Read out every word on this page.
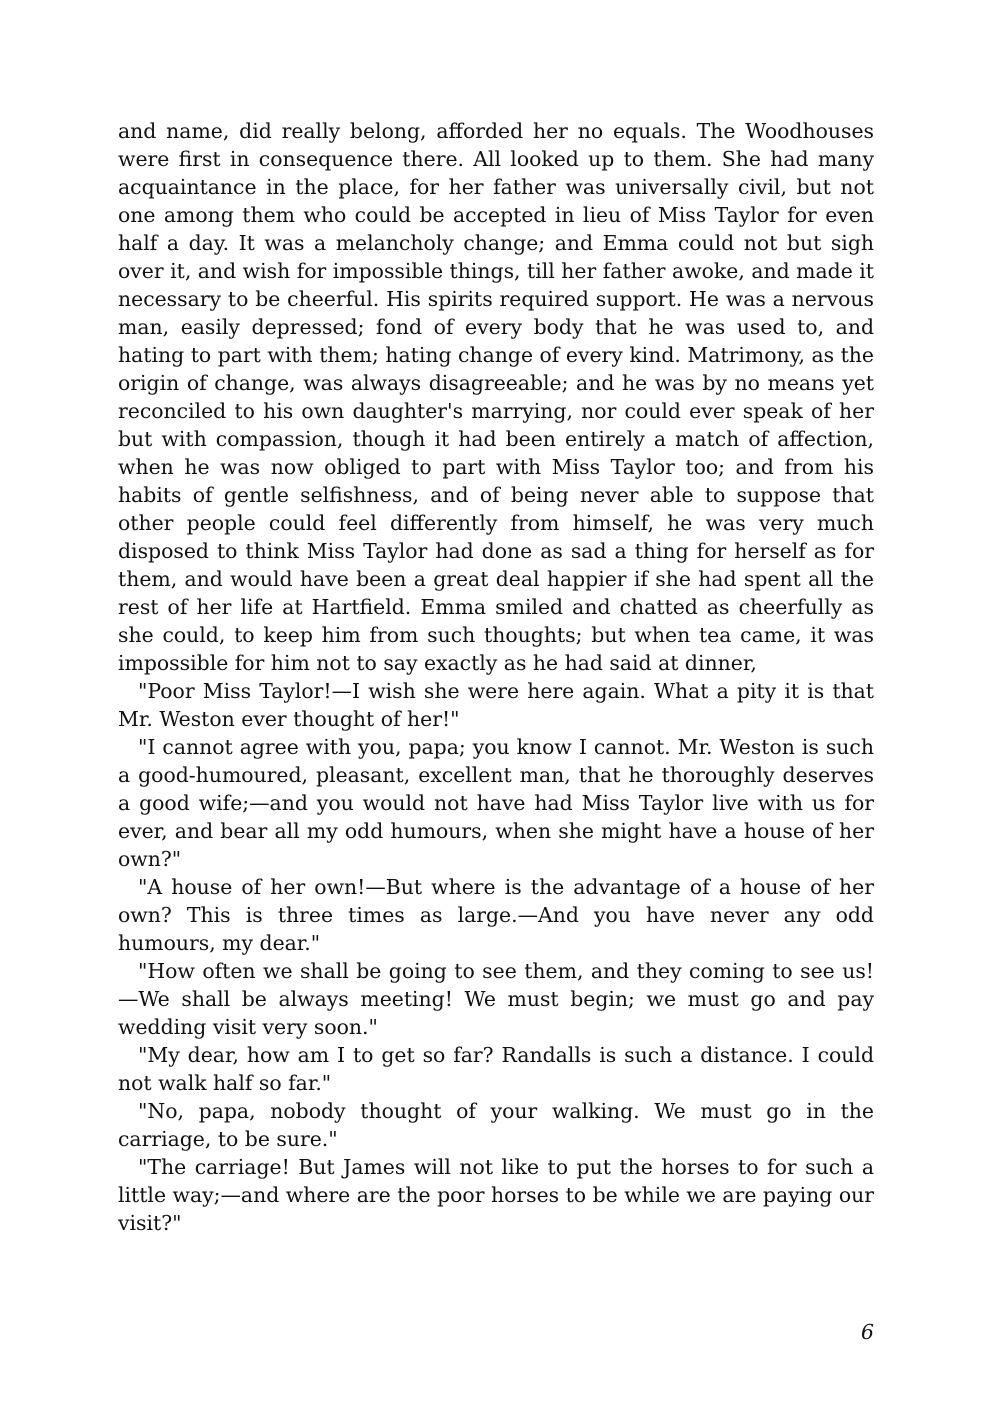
and name, did really belong, afforded her no equals. The Woodhouses were first in consequence there. All looked up to them. She had many acquaintance in the place, for her father was universally civil, but not one among them who could be accepted in lieu of Miss Taylor for even half a day. It was a melancholy change; and Emma could not but sigh over it, and wish for impossible things, till her father awoke, and made it necessary to be cheerful. His spirits required support. He was a nervous man, easily depressed; fond of every body that he was used to, and hating to part with them; hating change of every kind. Matrimony, as the origin of change, was always disagreeable; and he was by no means yet reconciled to his own daughter's marrying, nor could ever speak of her but with compassion, though it had been entirely a match of affection, when he was now obliged to part with Miss Taylor too; and from his habits of gentle selfishness, and of being never able to suppose that other people could feel differently from himself, he was very much disposed to think Miss Taylor had done as sad a thing for herself as for them, and would have been a great deal happier if she had spent all the rest of her life at Hartfield. Emma smiled and chatted as cheerfully as she could, to keep him from such thoughts; but when tea came, it was impossible for him not to say exactly as he had said at dinner,

"Poor Miss Taylor!—I wish she were here again. What a pity it is that Mr. Weston ever thought of her!"

"I cannot agree with you, papa; you know I cannot. Mr. Weston is such a good-humoured, pleasant, excellent man, that he thoroughly deserves a good wife;—and you would not have had Miss Taylor live with us for ever, and bear all my odd humours, when she might have a house of her own?"

"A house of her own!—But where is the advantage of a house of her own? This is three times as large.—And you have never any odd humours, my dear."

"How often we shall be going to see them, and they coming to see us!—We shall be always meeting! We must begin; we must go and pay wedding visit very soon."

"My dear, how am I to get so far? Randalls is such a distance. I could not walk half so far."

"No, papa, nobody thought of your walking. We must go in the carriage, to be sure."

"The carriage! But James will not like to put the horses to for such a little way;—and where are the poor horses to be while we are paying our visit?"

6
